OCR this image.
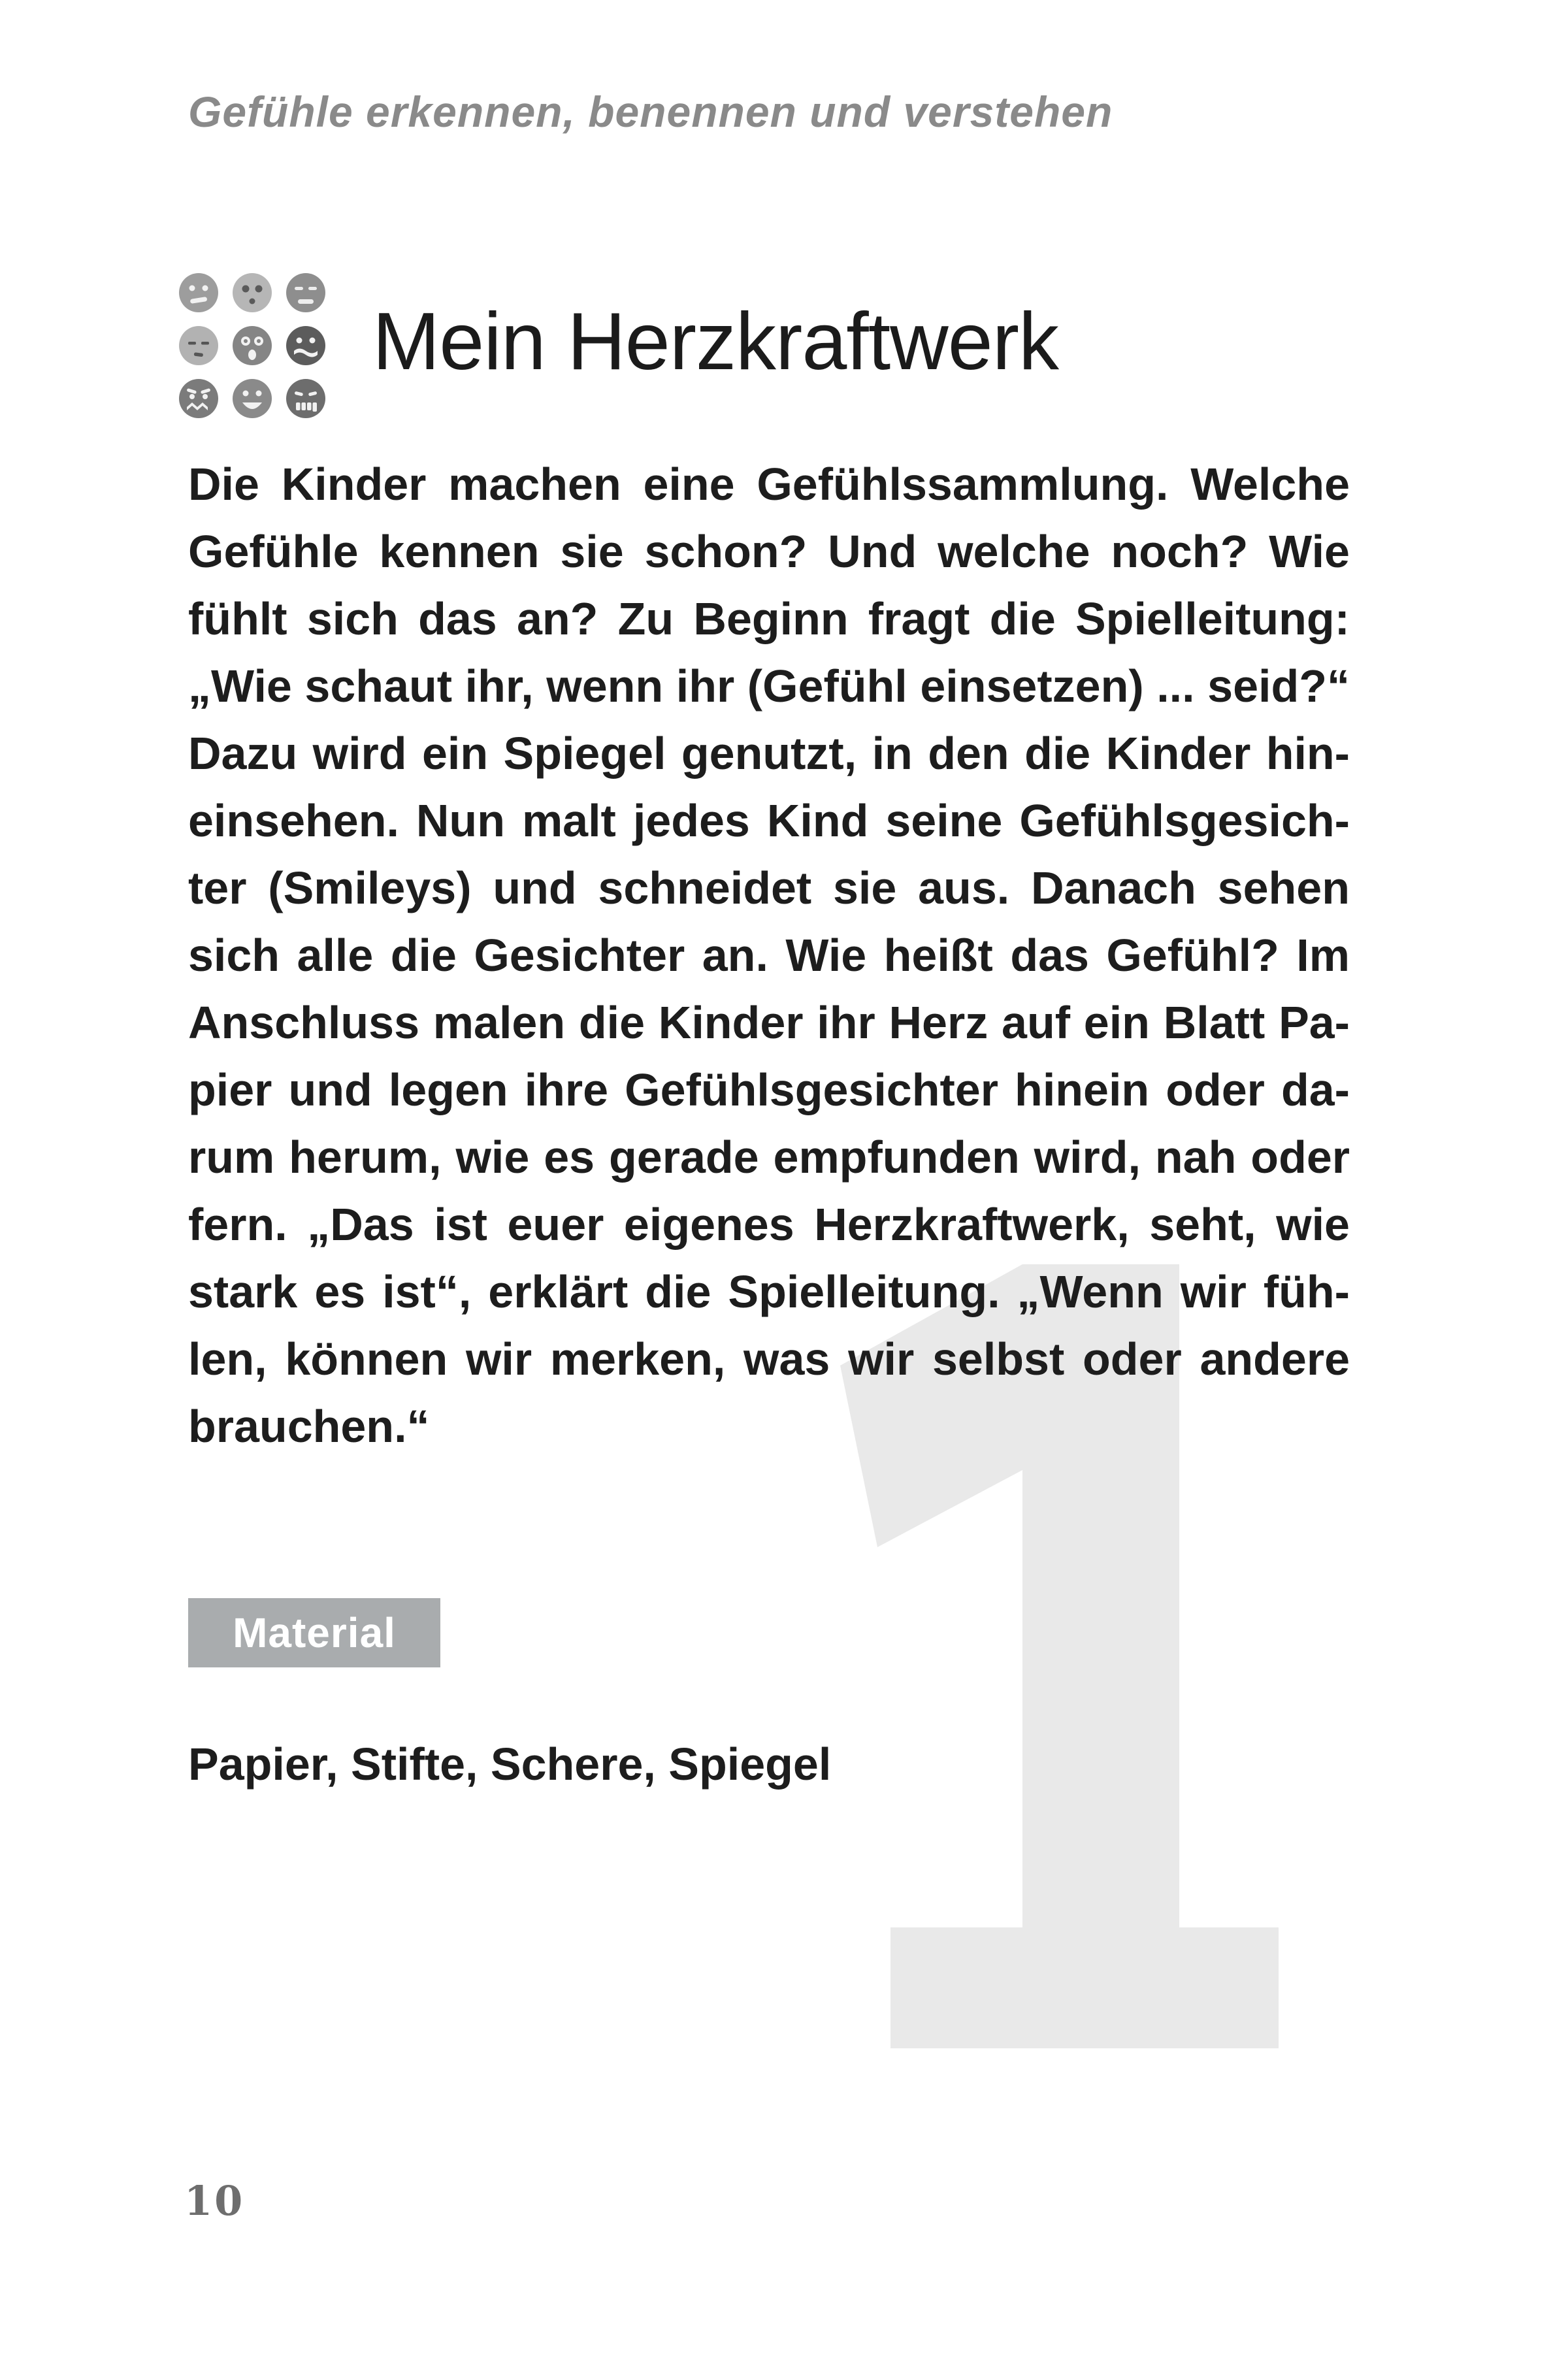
Gefühle erkennen, benennen und verstehen
Mein Herzkraftwerk
Die Kinder machen eine Gefühlssammlung. Welche
Gefühle kennen sie schon? Und welche noch? Wie
fühlt sich das an? Zu Beginn fragt die Spielleitung:
„Wie schaut ihr, wenn ihr (Gefühl einsetzen) ... seid?“
Dazu wird ein Spiegel genutzt, in den die Kinder hin-
einsehen. Nun malt jedes Kind seine Gefühlsgesich-
ter (Smileys) und schneidet sie aus. Danach sehen
sich alle die Gesichter an. Wie heißt das Gefühl? Im
Anschluss malen die Kinder ihr Herz auf ein Blatt Pa-
pier und legen ihre Gefühlsgesichter hinein oder da-
rum herum, wie es gerade empfunden wird, nah oder
fern. „Das ist euer eigenes Herzkraftwerk, seht, wie
stark es ist“, erklärt die Spielleitung. „Wenn wir füh-
len, können wir merken, was wir selbst oder andere
brauchen.“
Material
Papier, Stifte, Schere, Spiegel
10
